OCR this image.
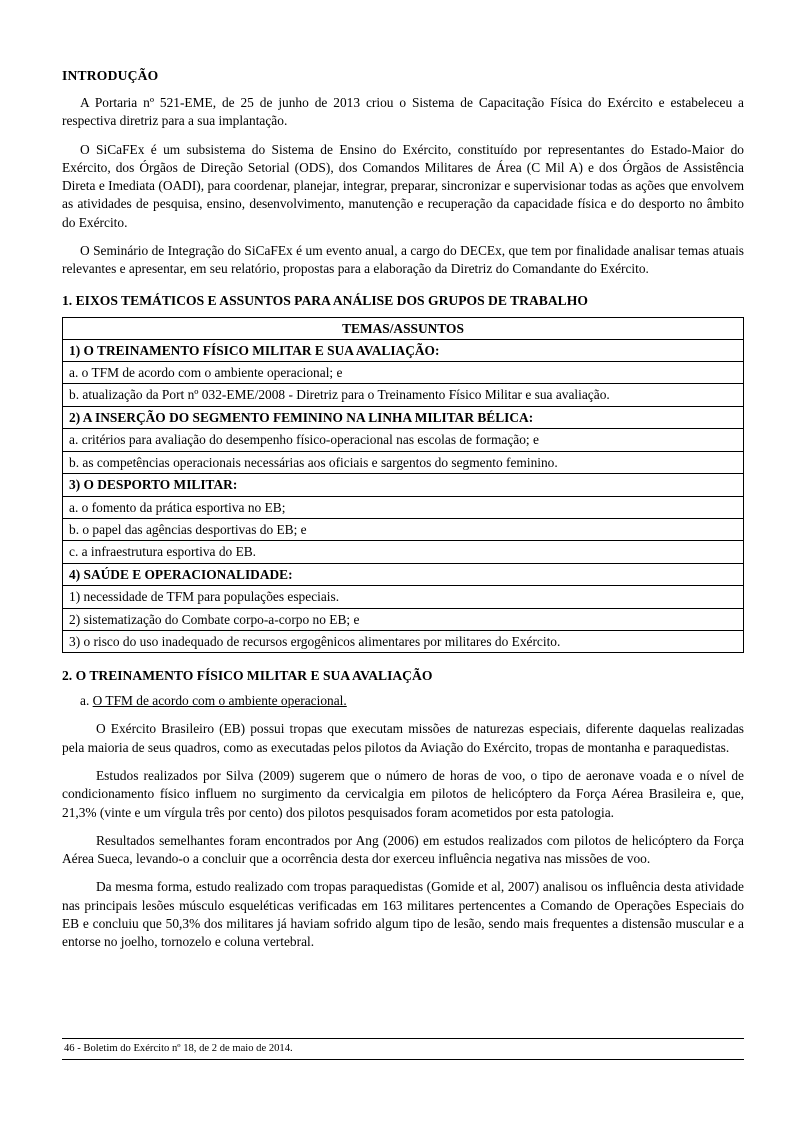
INTRODUÇÃO

A Portaria nº 521-EME, de 25 de junho de 2013 criou o Sistema de Capacitação Física do Exército e estabeleceu a respectiva diretriz para a sua implantação.

O SiCaFEx é um subsistema do Sistema de Ensino do Exército, constituído por representantes do Estado-Maior do Exército, dos Órgãos de Direção Setorial (ODS), dos Comandos Militares de Área (C Mil A) e dos Órgãos de Assistência Direta e Imediata (OADI), para coordenar, planejar, integrar, preparar, sincronizar e supervisionar todas as ações que envolvem as atividades de pesquisa, ensino, desenvolvimento, manutenção e recuperação da capacidade física e do desporto no âmbito do Exército.

O Seminário de Integração do SiCaFEx é um evento anual, a cargo do DECEx, que tem por finalidade analisar temas atuais relevantes e apresentar, em seu relatório, propostas para a elaboração da Diretriz do Comandante do Exército.

1. EIXOS TEMÁTICOS E ASSUNTOS PARA ANÁLISE DOS GRUPOS DE TRABALHO
TEMAS/ASSUNTOS
1) O TREINAMENTO FÍSICO MILITAR E SUA AVALIAÇÃO:
a. o TFM de acordo com o ambiente operacional; e
b. atualização da Port nº 032-EME/2008 - Diretriz para o Treinamento Físico Militar e sua avaliação.
2) A INSERÇÃO DO SEGMENTO FEMININO NA LINHA MILITAR BÉLICA:
a. critérios para avaliação do desempenho físico-operacional nas escolas de formação; e
b. as competências operacionais necessárias aos oficiais e sargentos do segmento feminino.
3) O DESPORTO MILITAR:
a. o fomento da prática esportiva no EB;
b. o papel das agências desportivas do EB; e
c. a infraestrutura esportiva do EB.
4) SAÚDE E OPERACIONALIDADE:
1) necessidade de TFM para populações especiais.
2) sistematização do Combate corpo-a-corpo no EB; e
3) o risco do uso inadequado de recursos ergogênicos alimentares por militares do Exército.
2. O TREINAMENTO FÍSICO MILITAR E SUA AVALIAÇÃO
a. O TFM de acordo com o ambiente operacional.

O Exército Brasileiro (EB) possui tropas que executam missões de naturezas especiais, diferente daquelas realizadas pela maioria de seus quadros, como as executadas pelos pilotos da Aviação do Exército, tropas de montanha e paraquedistas.

Estudos realizados por Silva (2009) sugerem que o número de horas de voo, o tipo de aeronave voada e o nível de condicionamento físico influem no surgimento da cervicalgia em pilotos de helicóptero da Força Aérea Brasileira e, que, 21,3% (vinte e um vírgula três por cento) dos pilotos pesquisados foram acometidos por esta patologia.

Resultados semelhantes foram encontrados por Ang (2006) em estudos realizados com pilotos de helicóptero da Força Aérea Sueca, levando-o a concluir que a ocorrência desta dor exerceu influência negativa nas missões de voo.

Da mesma forma, estudo realizado com tropas paraquedistas (Gomide et al, 2007) analisou os influência desta atividade nas principais lesões músculo esqueléticas verificadas em 163 militares pertencentes a Comando de Operações Especiais do EB e concluiu que 50,3% dos militares já haviam sofrido algum tipo de lesão, sendo mais frequentes a distensão muscular e a entorse no joelho, tornozelo e coluna vertebral.

46 - Boletim do Exército nº 18, de 2 de maio de 2014.
